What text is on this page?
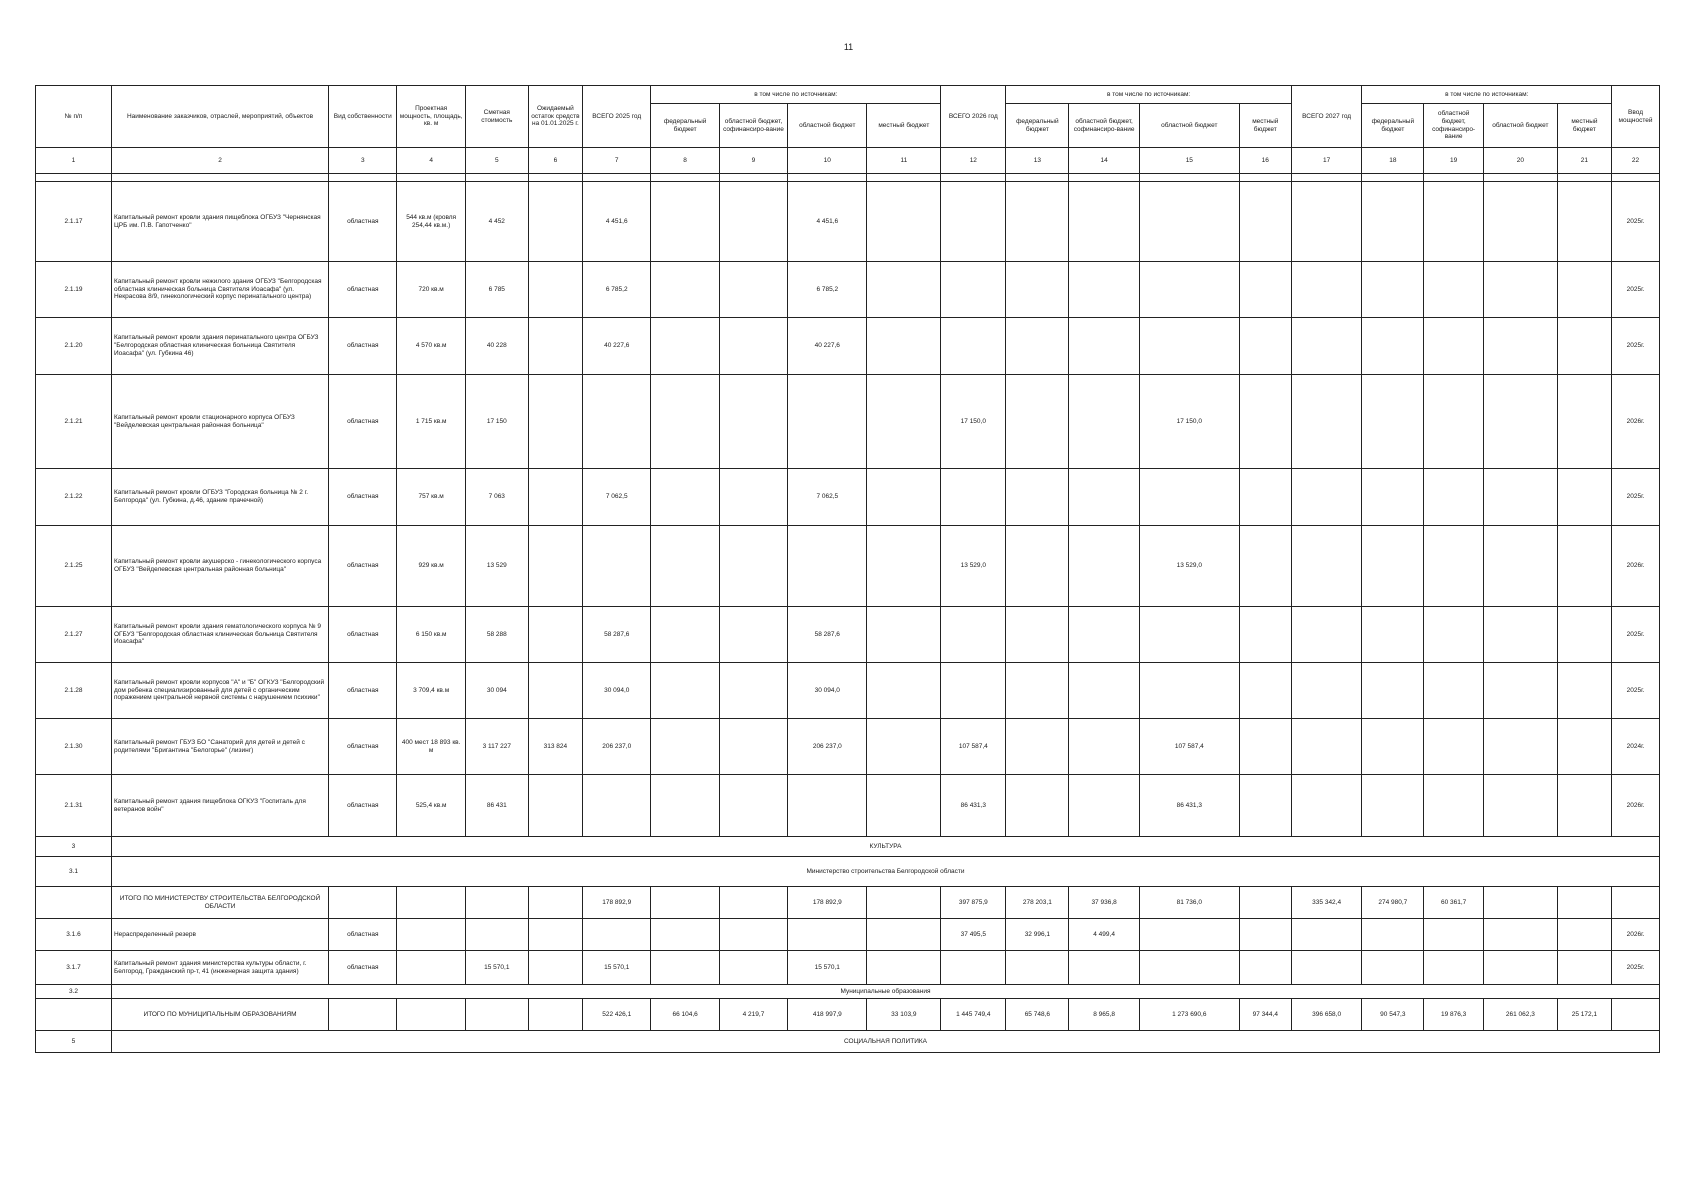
11
№ п/п	Наименование заказчиков, отраслей, мероприятий, объектов	Вид собственности	Проектная мощность, площадь, кв. м	Сметная стоимость	Ожидаемый остаток средств на 01.01.2025 г.	ВСЕГО 2025 год	в том числе по источникам:				ВСЕГО 2026 год	в том числе по источникам:				ВСЕГО 2027 год	в том числе по источникам:				Ввод мощностей
							федеральный бюджет	областной бюджет, софинансиро-вание	областной бюджет	местный бюджет		федеральный бюджет	областной бюджет, софинансиро-вание	областной бюджет	местный бюджет		федеральный бюджет	областной бюджет, софинансиро-вание	областной бюджет	местный бюджет	
1	2	3	4	5	6	7	8	9	10	11	12	13	14	15	16	17	18	19	20	21	22

2.1.17	Капитальный ремонт кровли здания пищеблока ОГБУЗ "Чернянская ЦРБ им. П.В. Гапотченко"	областная	544 кв.м (кровля 254,44 кв.м.)	4 452		4 451,6			4 451,6												2025г.
2.1.19	Капитальный ремонт кровли нежилого здания ОГБУЗ "Белгородская областная клиническая больница Святителя Иоасафа" (ул. Некрасова 8/9, гинекологический корпус перинатального центра)	областная	720 кв.м	6 785		6 785,2			6 785,2												2025г.
2.1.20	Капитальный ремонт кровли здания перинатального центра ОГБУЗ "Белгородская областная клиническая больница Святителя Иоасафа" (ул. Губкина 46)	областная	4 570 кв.м	40 228		40 227,6			40 227,6												2025г.
2.1.21	Капитальный ремонт кровли стационарного корпуса ОГБУЗ "Вейделевская центральная районная больница"	областная	1 715 кв.м	17 150							17 150,0			17 150,0							2026г.
2.1.22	Капитальный ремонт кровли ОГБУЗ "Городская больница № 2 г. Белгорода" (ул. Губкина, д.46, здание прачечной)	областная	757 кв.м	7 063		7 062,5			7 062,5												2025г.
2.1.25	Капитальный ремонт кровли акушерско - гинекологического корпуса ОГБУЗ "Вейделевская центральная районная больница"	областная	929 кв.м	13 529							13 529,0			13 529,0							2026г.
2.1.27	Капитальный ремонт кровли здания гематологического корпуса № 9 ОГБУЗ "Белгородская областная клиническая больница Святителя Иоасафа"	областная	6 150 кв.м	58 288		58 287,6			58 287,6												2025г.
2.1.28	Капитальный ремонт кровли корпусов "А" и "Б" ОГКУЗ "Белгородский дом ребенка специализированный для детей с органическим поражением центральной нервной системы с нарушением психики"	областная	3 709,4 кв.м	30 094		30 094,0			30 094,0												2025г.
2.1.30	Капитальный ремонт ГБУЗ БО "Санаторий для детей и детей с родителями "Бригантина "Белогорье" (лизинг)	областная	400 мест 18 893 кв. м	3 117 227	313 824	206 237,0			206 237,0		107 587,4			107 587,4							2024г.
2.1.31	Капитальный ремонт здания пищеблока ОГКУЗ "Госпиталь для ветеранов войн"	областная	525,4 кв.м	86 431							86 431,3			86 431,3							2026г.
3	КУЛЬТУРА																				
3.1	Министерство строительства Белгородской области																				
	ИТОГО ПО МИНИСТЕРСТВУ СТРОИТЕЛЬСТВА БЕЛГОРОДСКОЙ ОБЛАСТИ					178 892,9			178 892,9		397 875,9	278 203,1	37 936,8	81 736,0		335 342,4	274 980,7	60 361,7			
3.1.6	Нераспределенный резерв	областная									37 495,5	32 996,1	4 499,4								2026г.
3.1.7	Капитальный ремонт здания министерства культуры области, г. Белгород, Гражданский пр-т, 41 (инженерная защита здания)	областная		15 570,1		15 570,1			15 570,1												2025г.
3.2	Муниципальные образования																				
	ИТОГО ПО МУНИЦИПАЛЬНЫМ ОБРАЗОВАНИЯМ					522 426,1	66 104,6	4 219,7	418 997,9	33 103,9	1 445 749,4	65 748,6	8 965,8	1 273 690,6	97 344,4	396 658,0	90 547,3	19 876,3	261 062,3	25 172,1	
5	СОЦИАЛЬНАЯ ПОЛИТИКА																				
